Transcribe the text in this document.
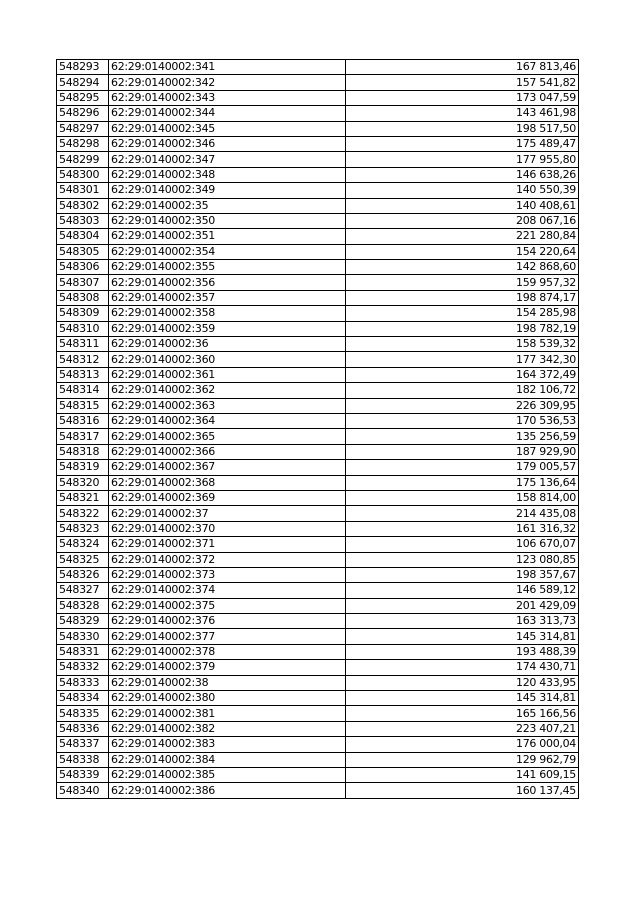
548293	62:29:0140002:341	167 813,46
548294	62:29:0140002:342	157 541,82
548295	62:29:0140002:343	173 047,59
548296	62:29:0140002:344	143 461,98
548297	62:29:0140002:345	198 517,50
548298	62:29:0140002:346	175 489,47
548299	62:29:0140002:347	177 955,80
548300	62:29:0140002:348	146 638,26
548301	62:29:0140002:349	140 550,39
548302	62:29:0140002:35	140 408,61
548303	62:29:0140002:350	208 067,16
548304	62:29:0140002:351	221 280,84
548305	62:29:0140002:354	154 220,64
548306	62:29:0140002:355	142 868,60
548307	62:29:0140002:356	159 957,32
548308	62:29:0140002:357	198 874,17
548309	62:29:0140002:358	154 285,98
548310	62:29:0140002:359	198 782,19
548311	62:29:0140002:36	158 539,32
548312	62:29:0140002:360	177 342,30
548313	62:29:0140002:361	164 372,49
548314	62:29:0140002:362	182 106,72
548315	62:29:0140002:363	226 309,95
548316	62:29:0140002:364	170 536,53
548317	62:29:0140002:365	135 256,59
548318	62:29:0140002:366	187 929,90
548319	62:29:0140002:367	179 005,57
548320	62:29:0140002:368	175 136,64
548321	62:29:0140002:369	158 814,00
548322	62:29:0140002:37	214 435,08
548323	62:29:0140002:370	161 316,32
548324	62:29:0140002:371	106 670,07
548325	62:29:0140002:372	123 080,85
548326	62:29:0140002:373	198 357,67
548327	62:29:0140002:374	146 589,12
548328	62:29:0140002:375	201 429,09
548329	62:29:0140002:376	163 313,73
548330	62:29:0140002:377	145 314,81
548331	62:29:0140002:378	193 488,39
548332	62:29:0140002:379	174 430,71
548333	62:29:0140002:38	120 433,95
548334	62:29:0140002:380	145 314,81
548335	62:29:0140002:381	165 166,56
548336	62:29:0140002:382	223 407,21
548337	62:29:0140002:383	176 000,04
548338	62:29:0140002:384	129 962,79
548339	62:29:0140002:385	141 609,15
548340	62:29:0140002:386	160 137,45
